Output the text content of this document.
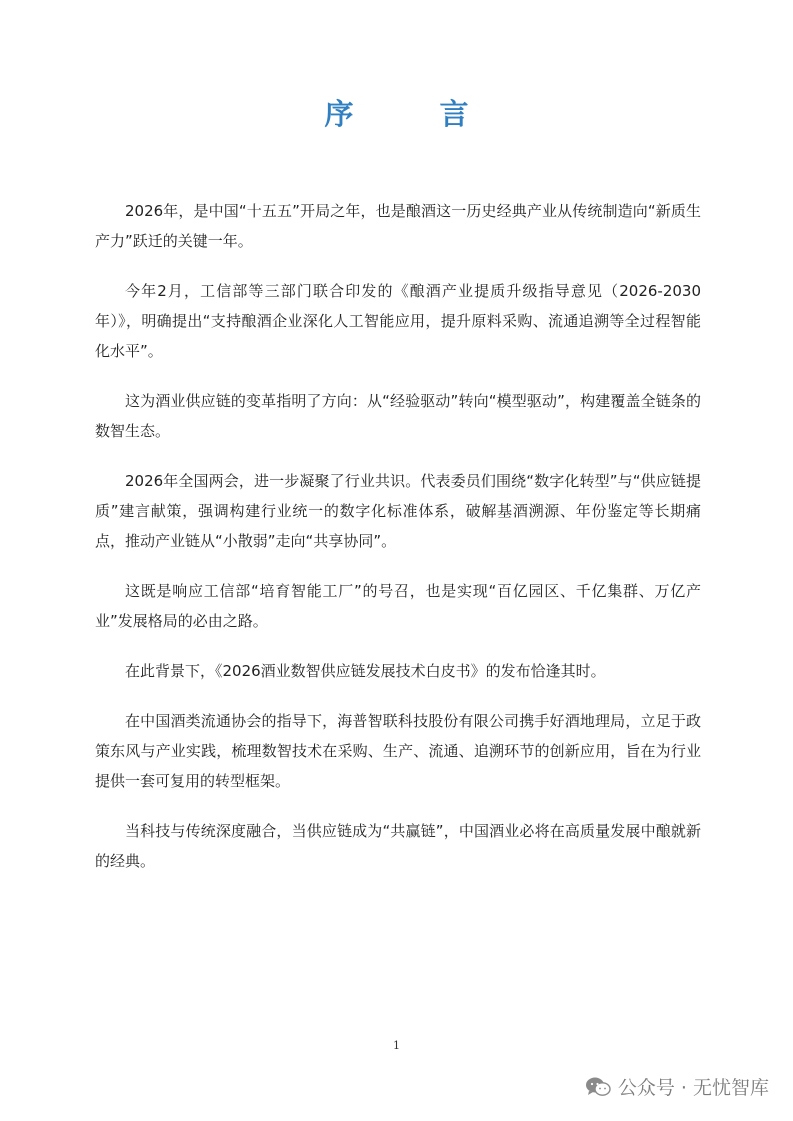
序	言

2026年，是中国“十五五”开局之年，也是酿酒这一历史经典产业从传统制造向“新质生产力”跃迁的关键一年。

今年2月，工信部等三部门联合印发的《酿酒产业提质升级指导意见（2026-2030年）》，明确提出“支持酿酒企业深化人工智能应用，提升原料采购、流通追溯等全过程智能化水平”。

这为酒业供应链的变革指明了方向：从“经验驱动”转向“模型驱动”，构建覆盖全链条的数智生态。

2026年全国两会，进一步凝聚了行业共识。代表委员们围绕“数字化转型”与“供应链提质”建言献策，强调构建行业统一的数字化标准体系，破解基酒溯源、年份鉴定等长期痛点，推动产业链从“小散弱”走向“共享协同”。

这既是响应工信部“培育智能工厂”的号召，也是实现“百亿园区、千亿集群、万亿产业”发展格局的必由之路。

在此背景下，《2026酒业数智供应链发展技术白皮书》的发布恰逢其时。

在中国酒类流通协会的指导下，海普智联科技股份有限公司携手好酒地理局，立足于政策东风与产业实践，梳理数智技术在采购、生产、流通、追溯环节的创新应用，旨在为行业提供一套可复用的转型框架。

当科技与传统深度融合，当供应链成为“共赢链”，中国酒业必将在高质量发展中酿就新的经典。

1
公众号 · 无忧智库
